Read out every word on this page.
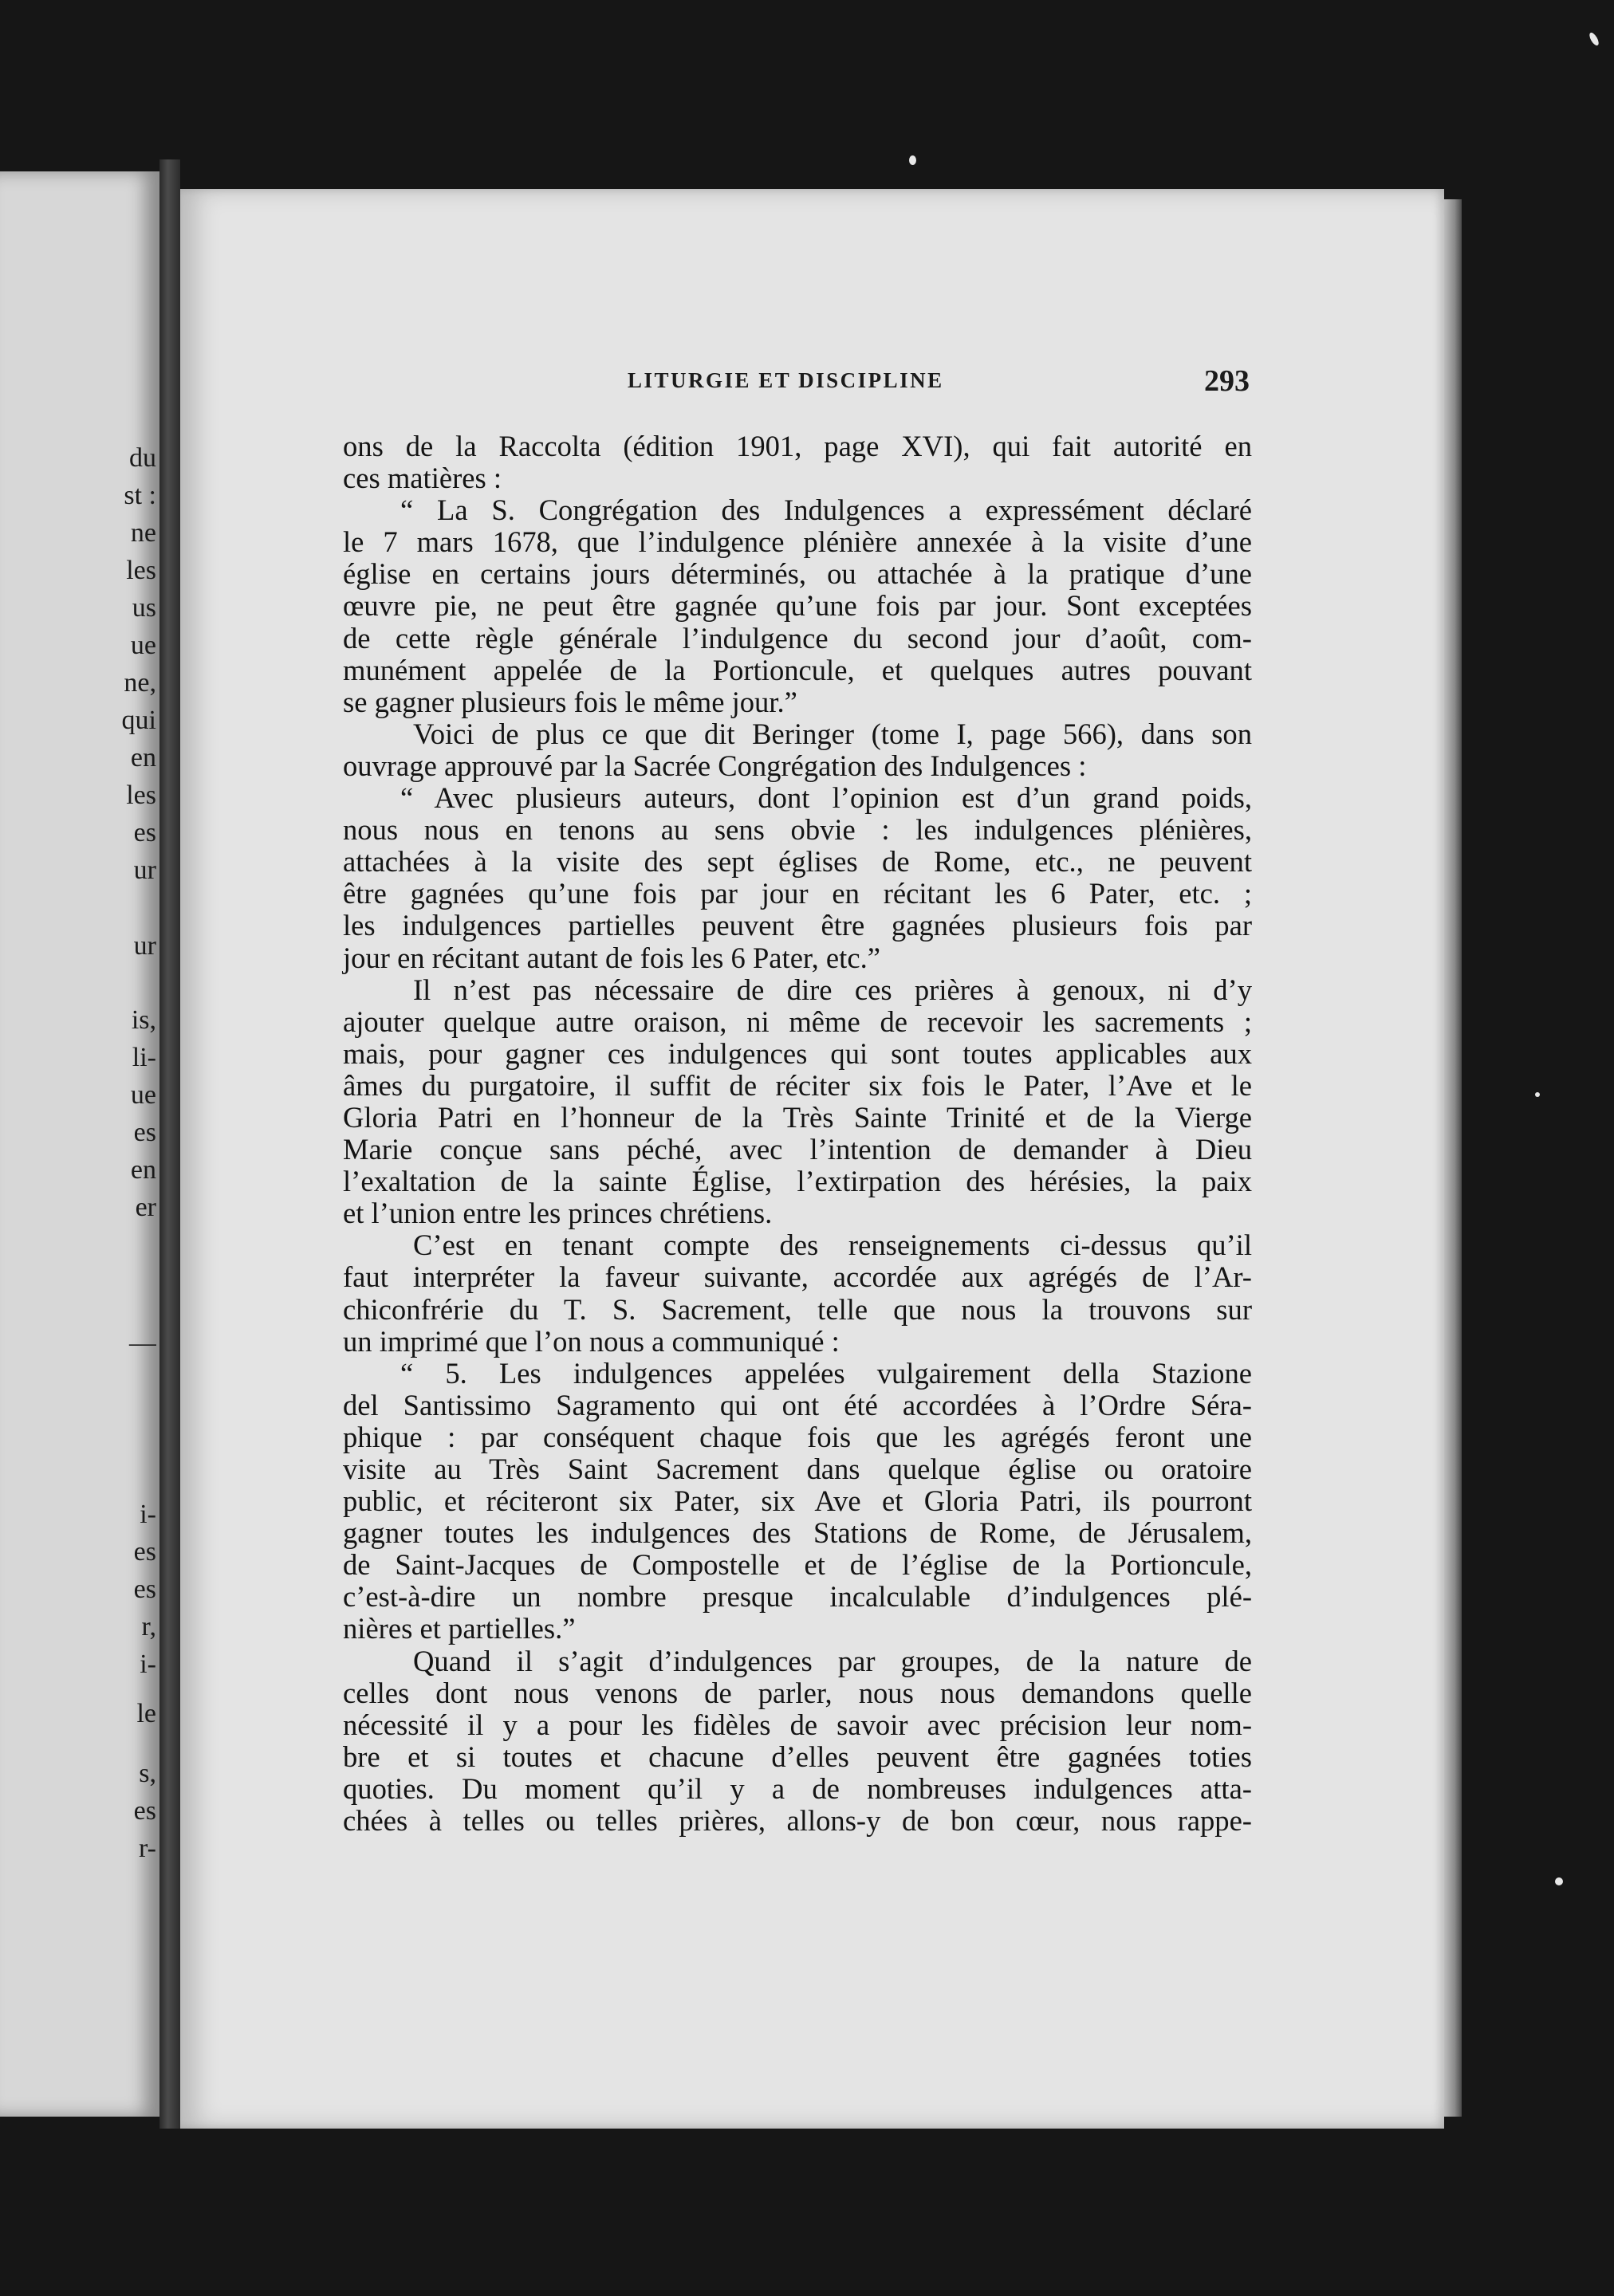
du
st :
ne
les
us
ue
ne,
qui
en
les
es
ur
ur
is,
li-
ue
es
en
er
—
i-
es
es
r,
i-
le
s,
es
r-
LITURGIE ET DISCIPLINE	293
ons de la Raccolta (édition 1901, page XVI), qui fait autorité en
ces matières :
“ La S. Congrégation des Indulgences a expressément déclaré
le 7 mars 1678, que l’indulgence plénière annexée à la visite d’une
église en certains jours déterminés, ou attachée à la pratique d’une
œuvre pie, ne peut être gagnée qu’une fois par jour. Sont exceptées
de cette règle générale l’indulgence du second jour d’août, com-
munément appelée de la Portioncule, et quelques autres pouvant
se gagner plusieurs fois le même jour.”
Voici de plus ce que dit Beringer (tome I, page 566), dans son
ouvrage approuvé par la Sacrée Congrégation des Indulgences :
“ Avec plusieurs auteurs, dont l’opinion est d’un grand poids,
nous nous en tenons au sens obvie : les indulgences plénières,
attachées à la visite des sept églises de Rome, etc., ne peuvent
être gagnées qu’une fois par jour en récitant les 6 Pater, etc. ;
les indulgences partielles peuvent être gagnées plusieurs fois par
jour en récitant autant de fois les 6 Pater, etc.”
Il n’est pas nécessaire de dire ces prières à genoux, ni d’y
ajouter quelque autre oraison, ni même de recevoir les sacrements ;
mais, pour gagner ces indulgences qui sont toutes applicables aux
âmes du purgatoire, il suffit de réciter six fois le Pater, l’Ave et le
Gloria Patri en l’honneur de la Très Sainte Trinité et de la Vierge
Marie conçue sans péché, avec l’intention de demander à Dieu
l’exaltation de la sainte Église, l’extirpation des hérésies, la paix
et l’union entre les princes chrétiens.
C’est en tenant compte des renseignements ci-dessus qu’il
faut interpréter la faveur suivante, accordée aux agrégés de l’Ar-
chiconfrérie du T. S. Sacrement, telle que nous la trouvons sur
un imprimé que l’on nous a communiqué :
“ 5. Les indulgences appelées vulgairement della Stazione
del Santissimo Sagramento qui ont été accordées à l’Ordre Séra-
phique : par conséquent chaque fois que les agrégés feront une
visite au Très Saint Sacrement dans quelque église ou oratoire
public, et réciteront six Pater, six Ave et Gloria Patri, ils pourront
gagner toutes les indulgences des Stations de Rome, de Jérusalem,
de Saint-Jacques de Compostelle et de l’église de la Portioncule,
c’est-à-dire un nombre presque incalculable d’indulgences plé-
nières et partielles.”
Quand il s’agit d’indulgences par groupes, de la nature de
celles dont nous venons de parler, nous nous demandons quelle
nécessité il y a pour les fidèles de savoir avec précision leur nom-
bre et si toutes et chacune d’elles peuvent être gagnées toties
quoties. Du moment qu’il y a de nombreuses indulgences atta-
chées à telles ou telles prières, allons-y de bon cœur, nous rappe-
